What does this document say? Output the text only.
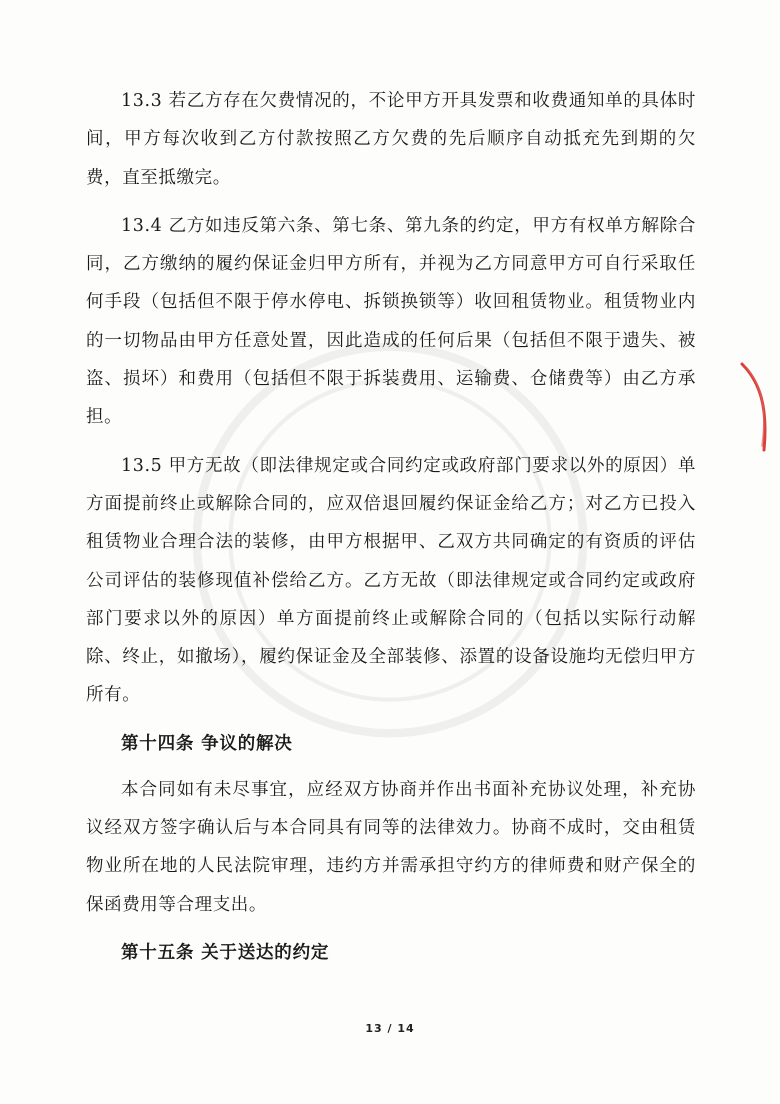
13.3 若乙方存在欠费情况的，不论甲方开具发票和收费通知单的具体时间，甲方每次收到乙方付款按照乙方欠费的先后顺序自动抵充先到期的欠费，直至抵缴完。

13.4 乙方如违反第六条、第七条、第九条的约定，甲方有权单方解除合同，乙方缴纳的履约保证金归甲方所有，并视为乙方同意甲方可自行采取任何手段（包括但不限于停水停电、拆锁换锁等）收回租赁物业。租赁物业内的一切物品由甲方任意处置，因此造成的任何后果（包括但不限于遗失、被盗、损坏）和费用（包括但不限于拆装费用、运输费、仓储费等）由乙方承担。

13.5 甲方无故（即法律规定或合同约定或政府部门要求以外的原因）单方面提前终止或解除合同的，应双倍退回履约保证金给乙方；对乙方已投入租赁物业合理合法的装修，由甲方根据甲、乙双方共同确定的有资质的评估公司评估的装修现值补偿给乙方。乙方无故（即法律规定或合同约定或政府部门要求以外的原因）单方面提前终止或解除合同的（包括以实际行动解除、终止，如撤场），履约保证金及全部装修、添置的设备设施均无偿归甲方所有。

第十四条 争议的解决

本合同如有未尽事宜，应经双方协商并作出书面补充协议处理，补充协议经双方签字确认后与本合同具有同等的法律效力。协商不成时，交由租赁物业所在地的人民法院审理，违约方并需承担守约方的律师费和财产保全的保函费用等合理支出。

第十五条 关于送达的约定
13 / 14
